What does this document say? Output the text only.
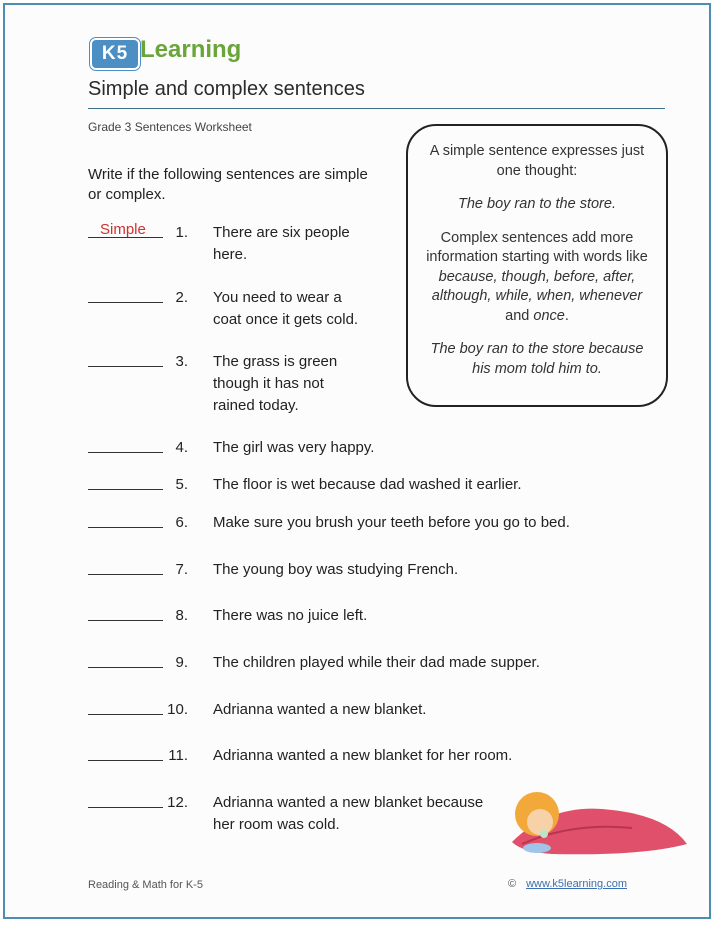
K5 Learning
Simple and complex sentences
Grade 3 Sentences Worksheet
Write if the following sentences are simple or complex.

A simple sentence expresses just one thought:

The boy ran to the store.

Complex sentences add more information starting with words like because, though, before, after, although, while, when, whenever and once.

The boy ran to the store because his mom told him to.

Simple	1. There are six people
here.
2. You need to wear a
coat once it gets cold.
3. The grass is green
though it has not
rained today.
4. The girl was very happy.
5. The floor is wet because dad washed it earlier.
6. Make sure you brush your teeth before you go to bed.
7. The young boy was studying French.
8. There was no juice left.
9. The children played while their dad made supper.
10. Adrianna wanted a new blanket.
11. Adrianna wanted a new blanket for her room.
12. Adrianna wanted a new blanket because
her room was cold.
Reading & Math for K-5	© www.k5learning.com
